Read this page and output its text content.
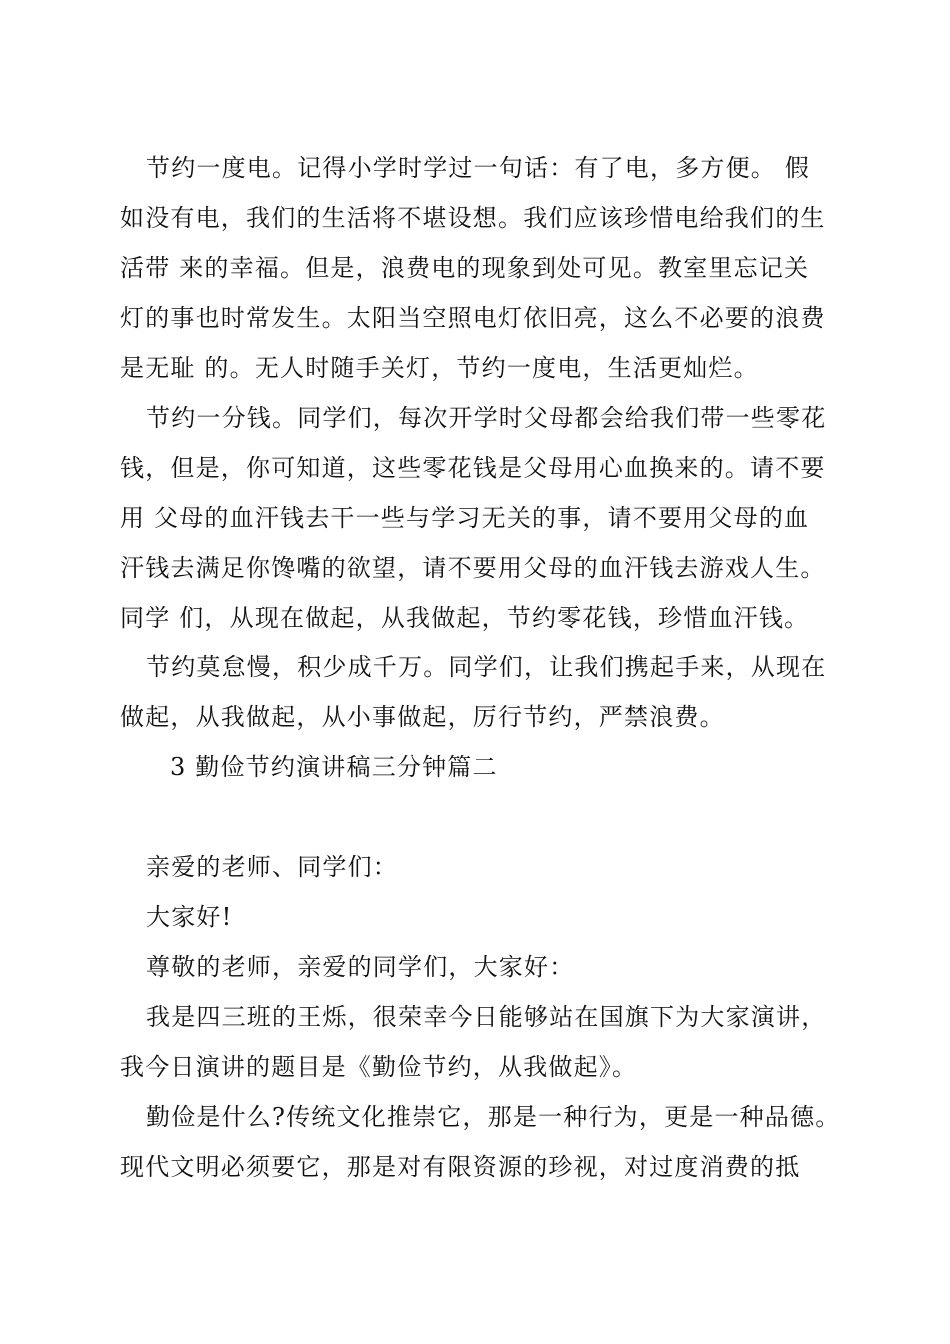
节约一度电。记得小学时学过一句话：有了电，多方便。 假
如没有电，我们的生活将不堪设想。我们应该珍惜电给我们的生
活带 来的幸福。但是，浪费电的现象到处可见。教室里忘记关
灯的事也时常发生。太阳当空照电灯依旧亮，这么不必要的浪费
是无耻 的。无人时随手关灯，节约一度电，生活更灿烂。
节约一分钱。同学们，每次开学时父母都会给我们带一些零花
钱，但是，你可知道，这些零花钱是父母用心血换来的。请不要
用 父母的血汗钱去干一些与学习无关的事，请不要用父母的血
汗钱去满足你馋嘴的欲望，请不要用父母的血汗钱去游戏人生。
同学 们，从现在做起，从我做起，节约零花钱，珍惜血汗钱。
节约莫怠慢，积少成千万。同学们，让我们携起手来，从现在
做起，从我做起，从小事做起，厉行节约，严禁浪费。
3 勤俭节约演讲稿三分钟篇二
亲爱的老师、同学们：
大家好!
尊敬的老师，亲爱的同学们，大家好：
我是四三班的王烁，很荣幸今日能够站在国旗下为大家演讲，
我今日演讲的题目是《勤俭节约，从我做起》。
勤俭是什么?传统文化推崇它，那是一种行为，更是一种品德。
现代文明必须要它，那是对有限资源的珍视，对过度消费的抵
